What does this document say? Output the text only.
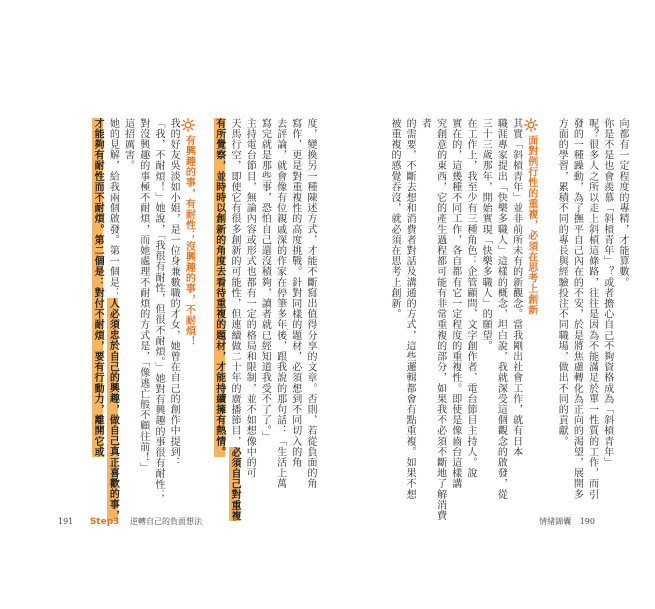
向都有一定程度的專精，才能算數。
你是不是也會羨慕「斜槓青年」？或者擔心自己不夠資格成為「斜槓青年」
呢？很多人之所以走上斜槓這條路，往往是因為不能滿足於單一性質的工作，而引
發的一種躁動，為了撫平自己內在的不安，於是將焦慮轉化為正向的渴望，展開多
方面的學習，累積不同的專長與經驗投注不同職場，做出不同的貢獻。

面對例行性的重複，必須在思考上創新
其實「斜槓青年」並非前所未有的新觀念。當我剛出社會工作，就有日本
職涯專家提出「快樂多職人」這樣的概念，坦白說，我就深受這個觀念的啟發，從
三十三歲那年，開始實現「快樂多職人」的願望。
在工作上，我至少有三種角色：企管顧問、文字創作者、電台節目主持人。說
實在的，這幾種不同工作，各自都有它一定程度的重複性。即使是像齒台這樣講
究創意的東西，它的產生過程都可能有非常重複的部分，如果我不必須不斷地了解消費者
的需要，不斷去想和消費者對話及溝通的方式，這些邏輯都會有點重複。如果不想
被重複的感覺吞沒，就必須在思考上創新。
情緒錦囊 190
度，變換另一種陳述方式，才能不斷寫出值得分享的文章。否則，若從負面的角
寫作，更是對重複性的高度挑戰。針對同樣的題材，必須想到不同切入的角
去評論，就會像有位親戚深的作家在停筆多年後，跟我說的那句話：「生活上萬
寫完就是那些事，恐怕自己還沒積夠，讀者就已經知道我受不了了。」
主持電台節目，無論內容或形式也都有一定的格局和限制，並不如想像中的可
天馬行空，即使它有很多創新的可能性，但連續做二十年的廣播節目，必須自己對重複有所覺察，並時時以創新的角度去看待重複的題材，才能持續擁有熱情。

有興趣的事，有耐性；沒興趣的事，不耐煩！
我的好友吳淡如小姐，是一位身兼數職的才女，她曾在自己的創作中提到：
「我，不耐煩！」她說，「我很有耐性，但很不耐煩。」她對有興趣的事很有耐性；
對沒興趣的事極不耐煩，而她處理不耐煩的方式是，「像逃亡般不顧往前！」
這招厲害。
她的見解，給我兩個啟發。第一個是：人必須忠於自己的興趣，做自己真正喜歡的事，才能夠有耐性而不耐煩。第二個是：對付不耐煩，要有行動力，離開它或
191 Step3 逆轉自己的負面想法
